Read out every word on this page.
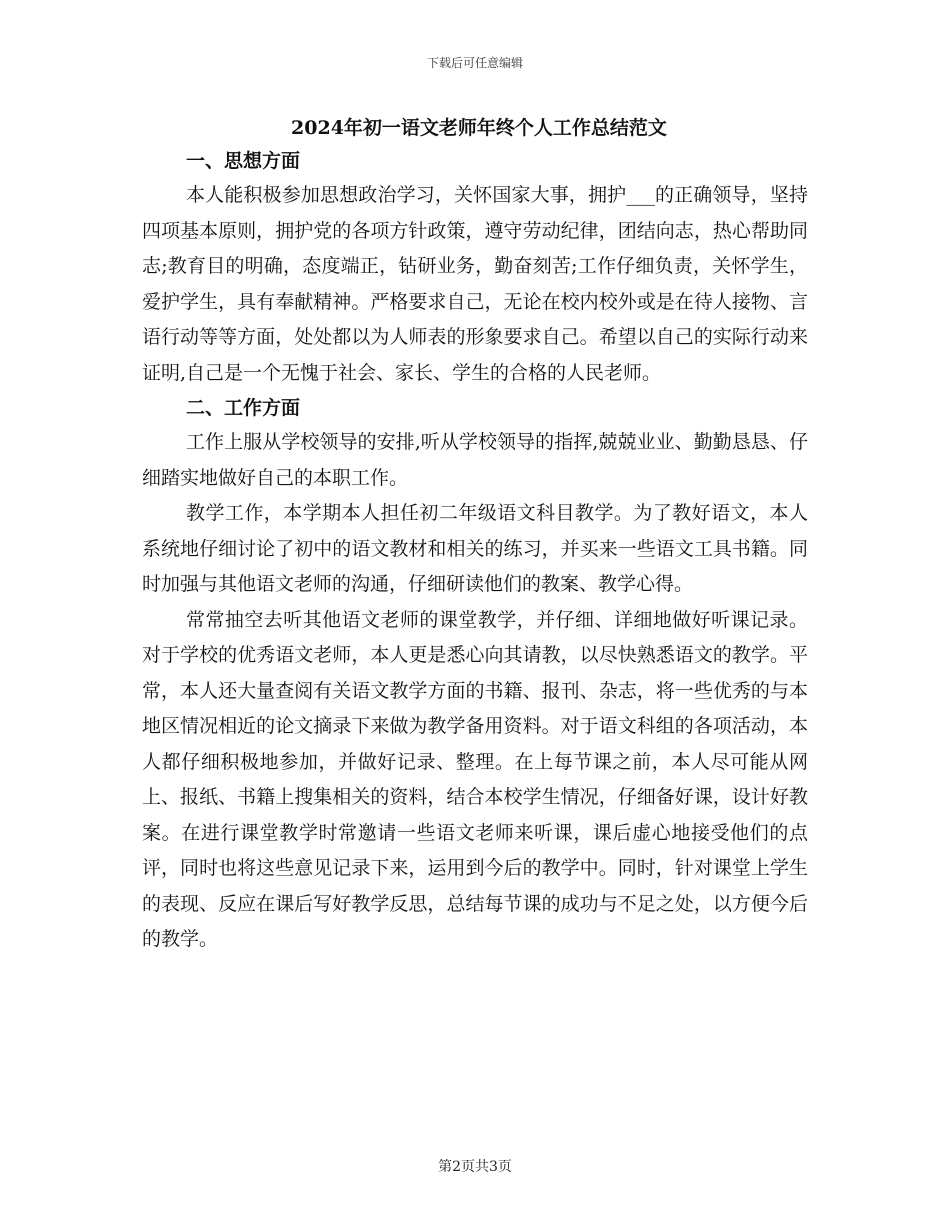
下载后可任意编辑
2024年初一语文老师年终个人工作总结范文
一、思想方面

本人能积极参加思想政治学习，关怀国家大事，拥护___的正确领导，坚持四项基本原则，拥护党的各项方针政策，遵守劳动纪律，团结向志，热心帮助同志;教育目的明确，态度端正，钻研业务，勤奋刻苦;工作仔细负责，关怀学生，爱护学生，具有奉献精神。严格要求自己，无论在校内校外或是在待人接物、言语行动等等方面，处处都以为人师表的形象要求自己。希望以自己的实际行动来证明,自己是一个无愧于社会、家长、学生的合格的人民老师。

二、工作方面

工作上服从学校领导的安排,听从学校领导的指挥,兢兢业业、勤勤恳恳、仔细踏实地做好自己的本职工作。

教学工作，本学期本人担任初二年级语文科目教学。为了教好语文，本人系统地仔细讨论了初中的语文教材和相关的练习，并买来一些语文工具书籍。同时加强与其他语文老师的沟通，仔细研读他们的教案、教学心得。

常常抽空去听其他语文老师的课堂教学，并仔细、详细地做好听课记录。对于学校的优秀语文老师，本人更是悉心向其请教，以尽快熟悉语文的教学。平常，本人还大量查阅有关语文教学方面的书籍、报刊、杂志，将一些优秀的与本地区情况相近的论文摘录下来做为教学备用资料。对于语文科组的各项活动，本人都仔细积极地参加，并做好记录、整理。在上每节课之前，本人尽可能从网上、报纸、书籍上搜集相关的资料，结合本校学生情况，仔细备好课，设计好教案。在进行课堂教学时常邀请一些语文老师来听课，课后虚心地接受他们的点评，同时也将这些意见记录下来，运用到今后的教学中。同时，针对课堂上学生的表现、反应在课后写好教学反思，总结每节课的成功与不足之处，以方便今后的教学。

第2页共3页
